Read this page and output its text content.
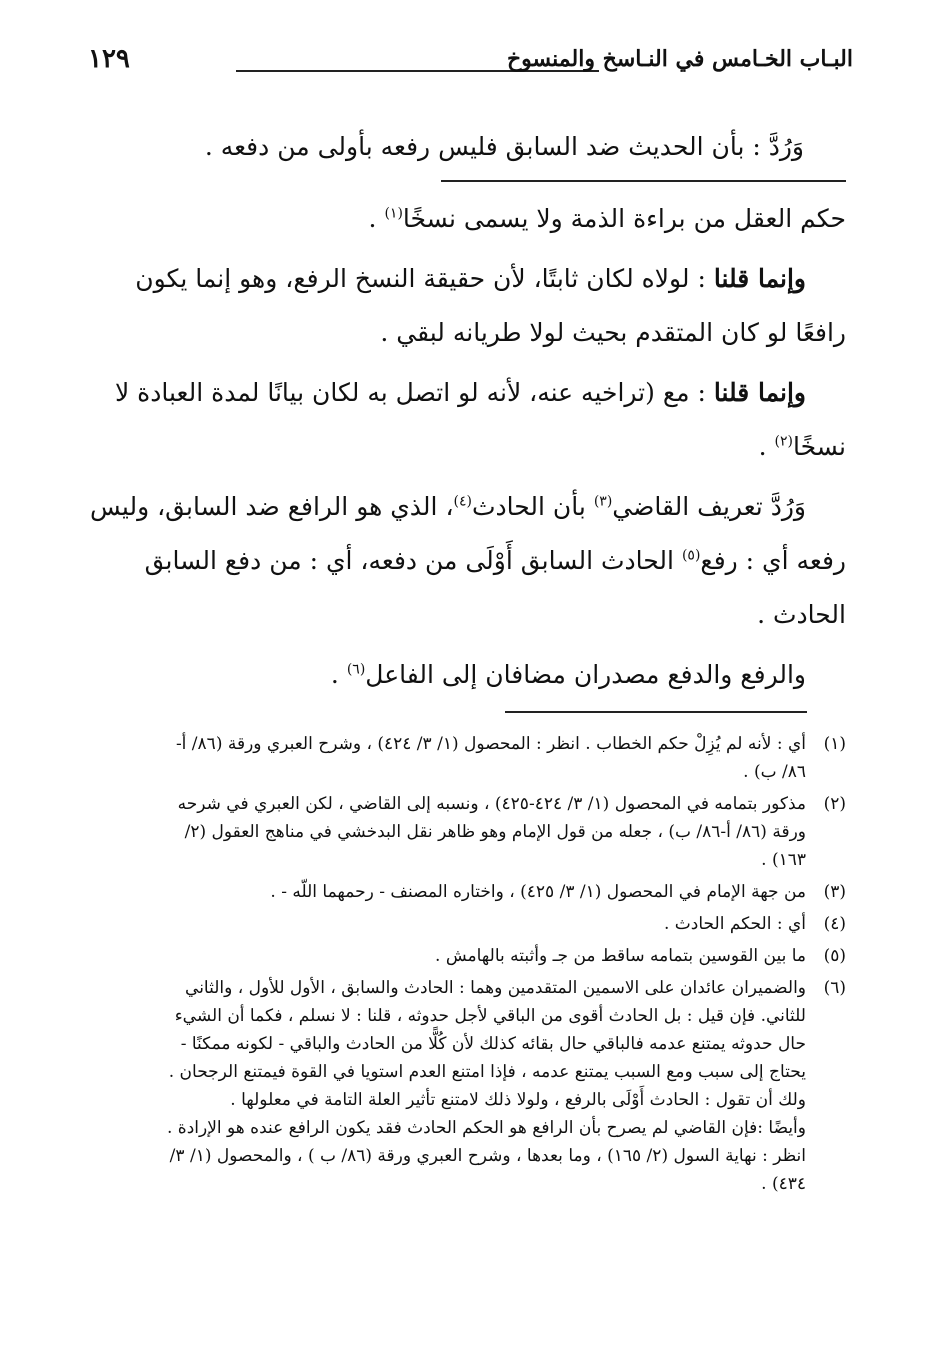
١٢٩	البـاب الخـامس في النـاسخ والمنسوخ

وَرُدَّ : بأن الحديث ضد السابق فليس رفعه بأولى من دفعه .

حكم العقل من براءة الذمة ولا يسمى نسخًا$^{(١)}$ .

وإنما قلنا : لولاه لكان ثابتًا، لأن حقيقة النسخ الرفع، وهو إنما يكون رافعًا لو كان المتقدم بحيث لولا طريانه لبقي .

وإنما قلنا : مع (تراخيه عنه، لأنه لو اتصل به لكان بيانًا لمدة العبادة لا نسخًا$^{(٢)}$ .

وَرُدَّ تعريف القاضي$^{(٣)}$ بأن الحادث$^{(٤)}$، الذي هو الرافع ضد السابق، وليس رفعه أي : رفع$^{(٥)}$ الحادث السابق أَوْلَى من دفعه، أي : من دفع السابق الحادث .

والرفع والدفع مصدران مضافان إلى الفاعل$^{(٦)}$ .

(١)
أي : لأنه لم يُزِلْ حكم الخطاب . انظر : المحصول (١/ ٣/ ٤٢٤) ، وشرح العبري ورقة (٨٦/ أ-
٨٦/ ب) .
(٢)
مذكور بتمامه في المحصول (١/ ٣/ ٤٢٤-٤٢٥) ، ونسبه إلى القاضي ، لكن العبري في شرحه
ورقة (٨٦/ أ-٨٦/ ب) ، جعله من قول الإمام وهو ظاهر نقل البدخشي في مناهج العقول (٢/
١٦٣) .
(٣)
من جهة الإمام في المحصول (١/ ٣/ ٤٢٥) ، واختاره المصنف - رحمهما اللّه - .
(٤)
أي : الحكم الحادث .
(٥)
ما بين القوسين بتمامه ساقط من جـ وأثبته بالهامش .
(٦)
والضميران عائدان على الاسمين المتقدمين وهما : الحادث والسابق ، الأول للأول ، والثاني
للثاني. فإن قيل : بل الحادث أقوى من الباقي لأجل حدوثه ، قلنا : لا نسلم ، فكما أن الشيء
حال حدوثه يمتنع عدمه فالباقي حال بقائه كذلك لأن كُلًّا من الحادث والباقي - لكونه ممكنًا -
يحتاج إلى سبب ومع السبب يمتنع عدمه ، فإذا امتنع العدم استويا في القوة فيمتنع الرجحان .
ولك أن تقول : الحادث أَوْلَى بالرفع ، ولولا ذلك لامتنع تأثير العلة التامة في معلولها .
وأيضًا :فإن القاضي لم يصرح بأن الرافع هو الحكم الحادث فقد يكون الرافع عنده هو الإرادة .
انظر : نهاية السول (٢/ ١٦٥) ، وما بعدها ، وشرح العبري ورقة (٨٦/ ب ) ، والمحصول (١/ ٣/
٤٣٤) .
